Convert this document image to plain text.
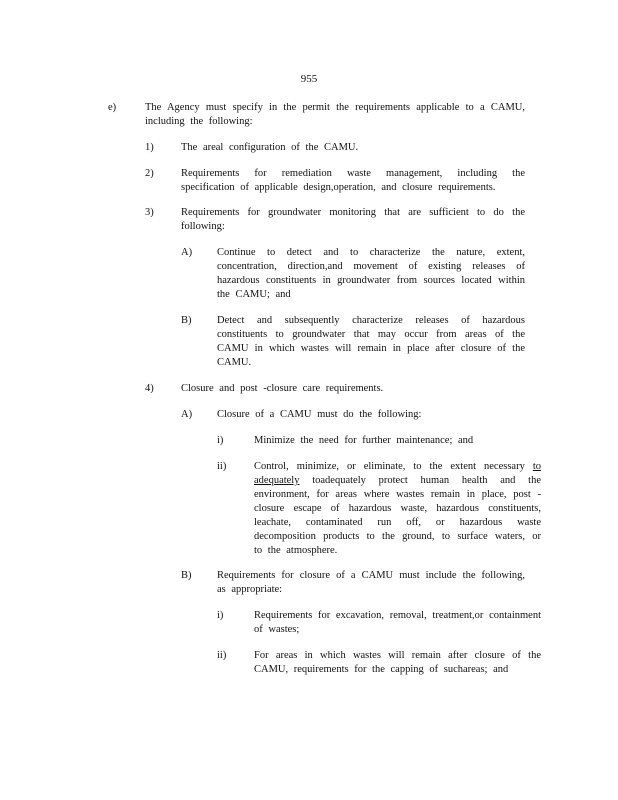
955
e)	The Agency must specify in the permit the requirements applicable to a CAMU, including the following:
1)	The areal configuration of the CAMU.
2)	Requirements for remediation waste management, including the specification of applicable design,operation, and closure requirements.
3)	Requirements for groundwater monitoring that are sufficient to do the following:
A) Continue to detect and to characterize the nature, extent, concentration, direction,and movement of existing releases of hazardous constituents in groundwater from sources located within the CAMU; and
B) Detect and subsequently characterize releases of hazardous constituents to groundwater that may occur from areas of the CAMU in which wastes will remain in place after closure of the CAMU.
4)	Closure and post -closure care requirements.
A) Closure of a CAMU must do the following:
i)	Minimize the need for further maintenance; and
ii)	Control, minimize, or eliminate, to the extent necessary to adequately toadequately protect human health and the environment, for areas where wastes remain in place, post -closure escape of hazardous waste, hazardous constituents, leachate, contaminated run off, or hazardous waste decomposition products to the ground, to surface waters, or to the atmosphere.
B) Requirements for closure of a CAMU must include the following, as appropriate:
i)	Requirements for excavation, removal, treatment,or containment of wastes;
ii)	For areas in which wastes will remain after closure of the CAMU, requirements for the capping of suchareas; and
